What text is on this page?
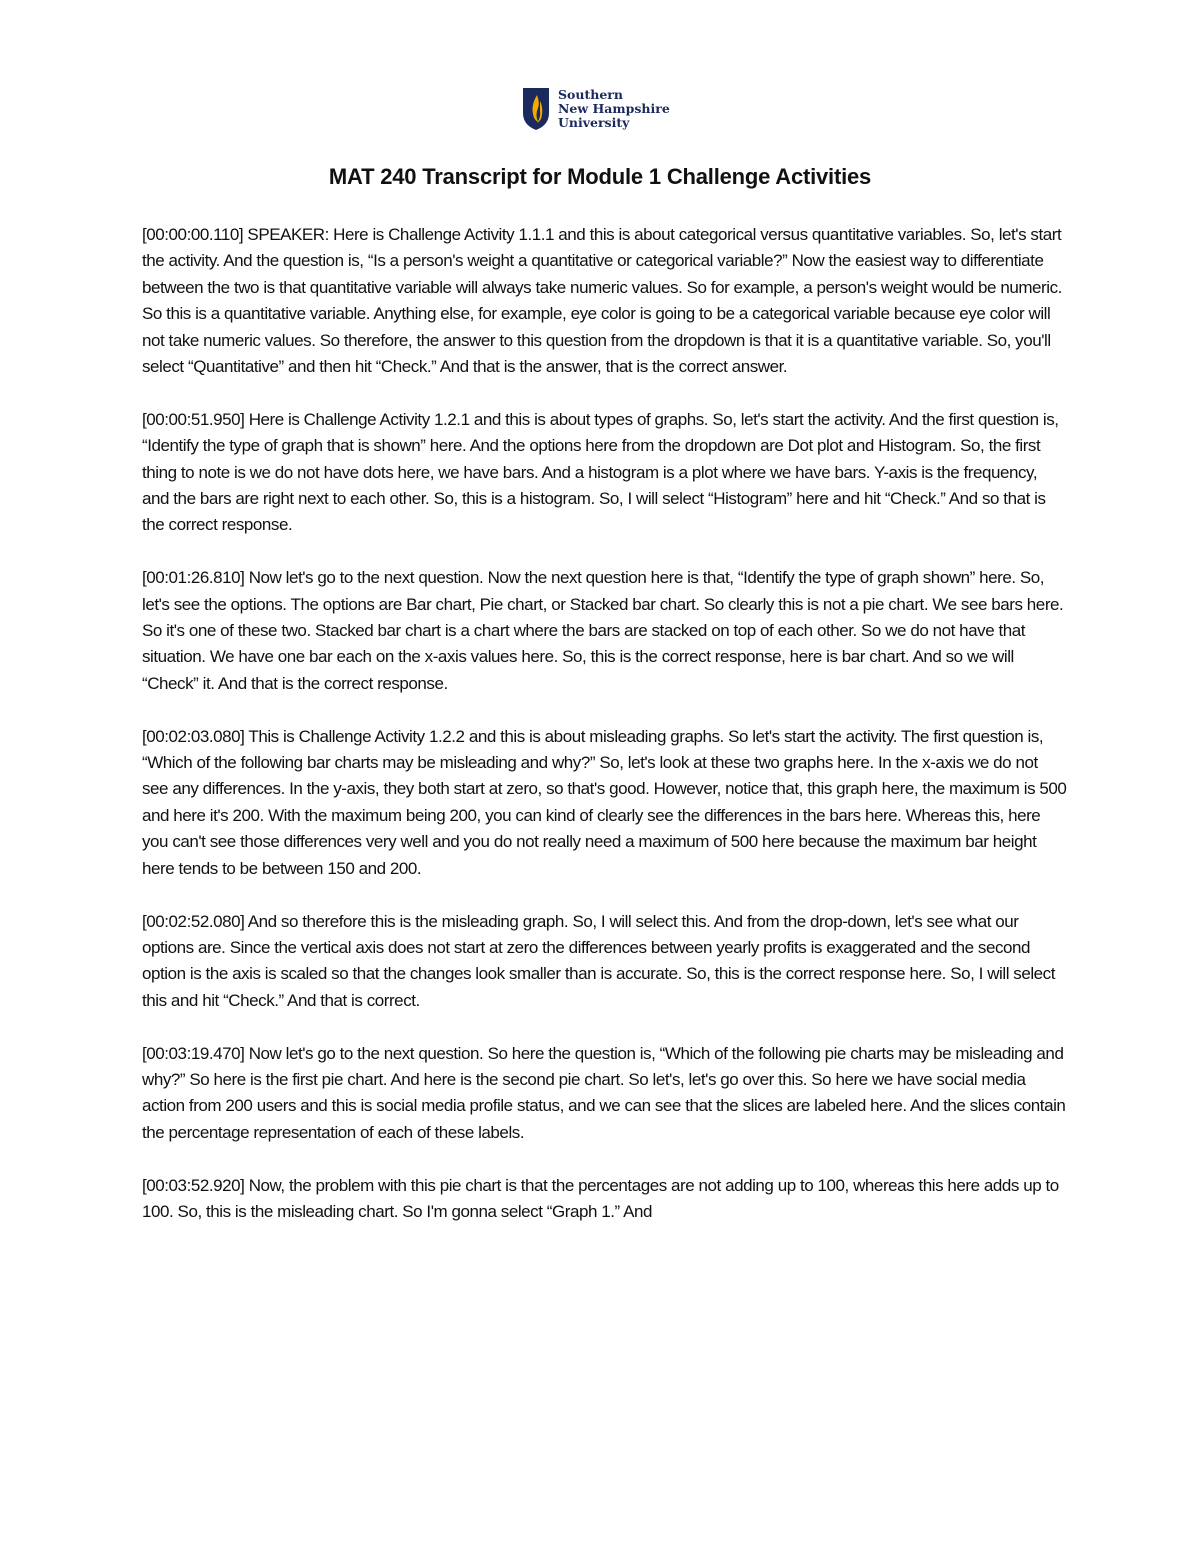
Southern
New Hampshire
University
MAT 240 Transcript for Module 1 Challenge Activities

[00:00:00.110] SPEAKER: Here is Challenge Activity 1.1.1 and this is about categorical versus quantitative variables. So, let's start the activity. And the question is, “Is a person's weight a quantitative or categorical variable?” Now the easiest way to differentiate between the two is that quantitative variable will always take numeric values. So for example, a person's weight would be numeric. So this is a quantitative variable. Anything else, for example, eye color is going to be a categorical variable because eye color will not take numeric values. So therefore, the answer to this question from the dropdown is that it is a quantitative variable. So, you'll select “Quantitative” and then hit “Check.” And that is the answer, that is the correct answer.

[00:00:51.950] Here is Challenge Activity 1.2.1 and this is about types of graphs. So, let's start the activity. And the first question is, “Identify the type of graph that is shown” here. And the options here from the dropdown are Dot plot and Histogram. So, the first thing to note is we do not have dots here, we have bars. And a histogram is a plot where we have bars. Y-axis is the frequency, and the bars are right next to each other. So, this is a histogram. So, I will select “Histogram” here and hit “Check.” And so that is the correct response.

[00:01:26.810] Now let's go to the next question. Now the next question here is that, “Identify the type of graph shown” here. So, let's see the options. The options are Bar chart, Pie chart, or Stacked bar chart. So clearly this is not a pie chart. We see bars here. So it's one of these two. Stacked bar chart is a chart where the bars are stacked on top of each other. So we do not have that situation. We have one bar each on the x-axis values here. So, this is the correct response, here is bar chart. And so we will “Check” it. And that is the correct response.

[00:02:03.080] This is Challenge Activity 1.2.2 and this is about misleading graphs. So let's start the activity. The first question is, “Which of the following bar charts may be misleading and why?” So, let's look at these two graphs here. In the x-axis we do not see any differences. In the y-axis, they both start at zero, so that's good. However, notice that, this graph here, the maximum is 500 and here it's 200. With the maximum being 200, you can kind of clearly see the differences in the bars here. Whereas this, here you can't see those differences very well and you do not really need a maximum of 500 here because the maximum bar height here tends to be between 150 and 200.

[00:02:52.080] And so therefore this is the misleading graph. So, I will select this. And from the drop-down, let's see what our options are. Since the vertical axis does not start at zero the differences between yearly profits is exaggerated and the second option is the axis is scaled so that the changes look smaller than is accurate. So, this is the correct response here. So, I will select this and hit “Check.” And that is correct.

[00:03:19.470] Now let's go to the next question. So here the question is, “Which of the following pie charts may be misleading and why?” So here is the first pie chart. And here is the second pie chart. So let's, let's go over this. So here we have social media action from 200 users and this is social media profile status, and we can see that the slices are labeled here. And the slices contain the percentage representation of each of these labels.

[00:03:52.920] Now, the problem with this pie chart is that the percentages are not adding up to 100, whereas this here adds up to 100. So, this is the misleading chart. So I'm gonna select “Graph 1.” And
